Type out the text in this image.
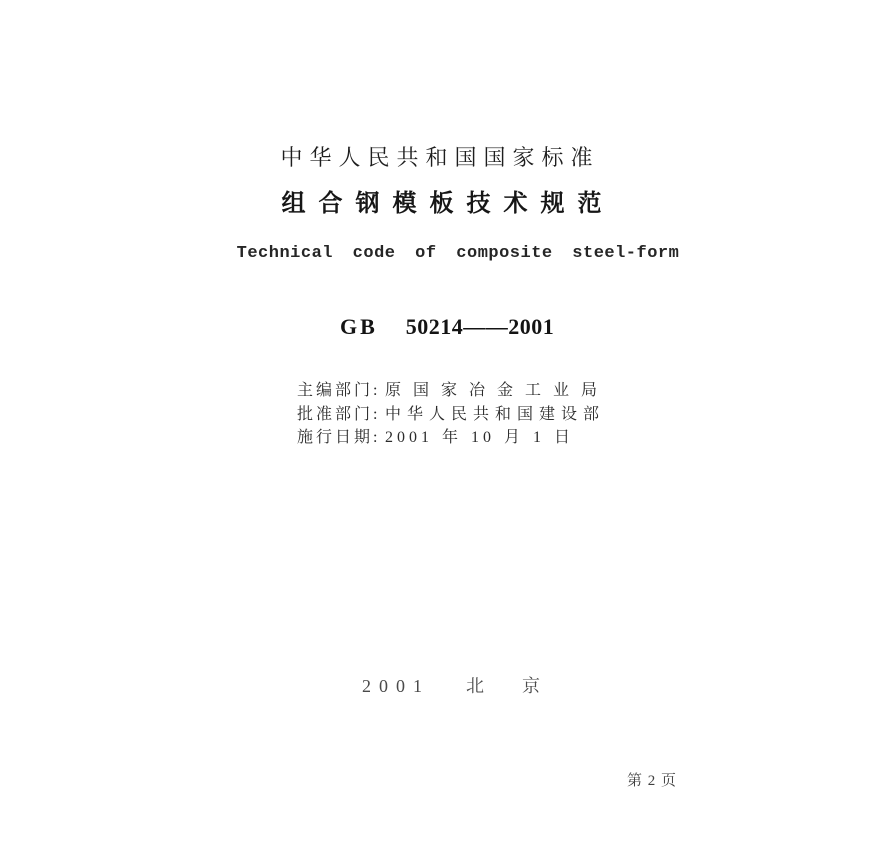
中华人民共和国国家标准
组合钢模板技术规范
Technical code of composite steel-form
GB 50214——2001
主编部门: 原国家冶金工业局
批准部门: 中华人民共和国建设部
施行日期: 2001 年 10 月 1 日
2001 北京
第 2 页
